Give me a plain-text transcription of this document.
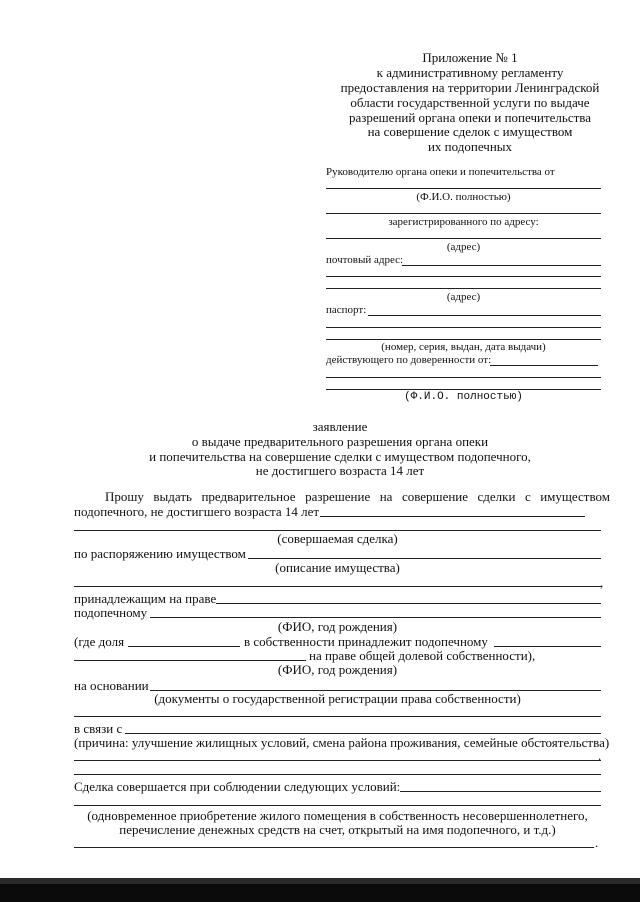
Приложение № 1
к административному регламенту
предоставления на территории Ленинградской
области государственной услуги по выдаче
разрешений органа опеки и попечительства
на совершение сделок с имуществом
их подопечных
Руководителю органа опеки и попечительства от
(Ф.И.О. полностью)
зарегистрированного по адресу:
(адрес)
почтовый адрес:
(адрес)
паспорт:
(номер, серия, выдан, дата выдачи)
действующего по доверенности от:
(Ф.И.О. полностью)
заявление
о выдаче предварительного разрешения органа опеки
и попечительства на совершение сделки с имуществом подопечного,
не достигшего возраста 14 лет
Прошу выдать предварительное разрешение на совершение сделки с имуществом
подопечного, не достигшего возраста 14 лет
(совершаемая сделка)
по распоряжению имуществом
(описание имущества)
,
принадлежащим на праве
подопечному
(ФИО, год рождения)
(где доля	в собственности принадлежит подопечному
на праве общей долевой собственности),
(ФИО, год рождения)
на основании
(документы о государственной регистрации права собственности)
в связи с
(причина: улучшение жилищных условий, смена района проживания, семейные обстоятельства)
.
Сделка совершается при соблюдении следующих условий:
(одновременное приобретение жилого помещения в собственность несовершеннолетнего,
перечисление денежных средств на счет, открытый на имя подопечного, и т.д.)
.
